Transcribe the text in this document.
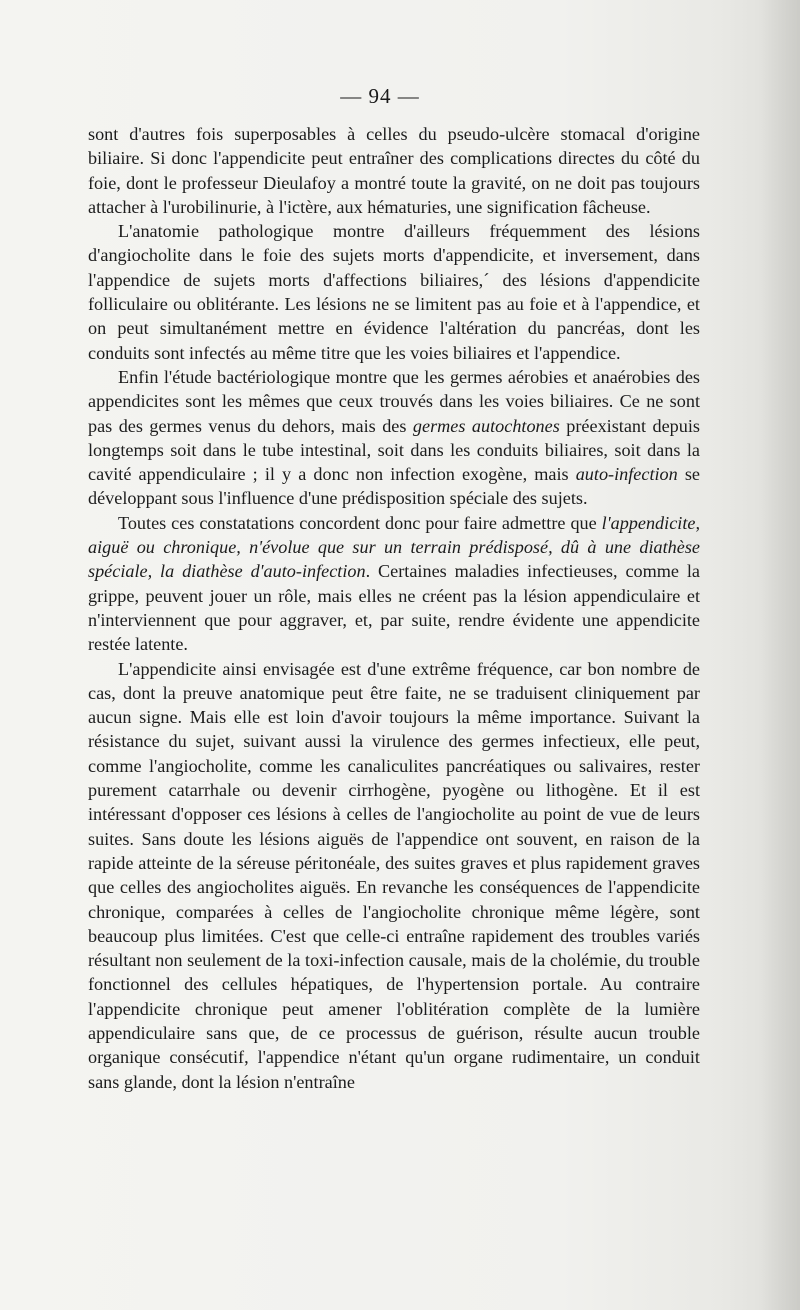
— 94 —

sont d'autres fois superposables à celles du pseudo-ulcère stomacal d'origine biliaire. Si donc l'appendicite peut entraîner des complications directes du côté du foie, dont le professeur Dieulafoy a montré toute la gravité, on ne doit pas toujours attacher à l'urobilinurie, à l'ictère, aux hématuries, une signification fâcheuse.

L'anatomie pathologique montre d'ailleurs fréquemment des lésions d'angiocholite dans le foie des sujets morts d'appendicite, et inversement, dans l'appendice de sujets morts d'affections biliaires,´ des lésions d'appendicite folliculaire ou oblitérante. Les lésions ne se limitent pas au foie et à l'appendice, et on peut simultanément mettre en évidence l'altération du pancréas, dont les conduits sont infectés au même titre que les voies biliaires et l'appendice.

Enfin l'étude bactériologique montre que les germes aérobies et anaérobies des appendicites sont les mêmes que ceux trouvés dans les voies biliaires. Ce ne sont pas des germes venus du dehors, mais des germes autochtones préexistant depuis longtemps soit dans le tube intestinal, soit dans les conduits biliaires, soit dans la cavité appendiculaire ; il y a donc non infection exogène, mais auto-infection se développant sous l'influence d'une prédisposition spéciale des sujets.

Toutes ces constatations concordent donc pour faire admettre que l'appendicite, aiguë ou chronique, n'évolue que sur un terrain prédisposé, dû à une diathèse spéciale, la diathèse d'auto-infection. Certaines maladies infectieuses, comme la grippe, peuvent jouer un rôle, mais elles ne créent pas la lésion appendiculaire et n'interviennent que pour aggraver, et, par suite, rendre évidente une appendicite restée latente.

L'appendicite ainsi envisagée est d'une extrême fréquence, car bon nombre de cas, dont la preuve anatomique peut être faite, ne se traduisent cliniquement par aucun signe. Mais elle est loin d'avoir toujours la même importance. Suivant la résistance du sujet, suivant aussi la virulence des germes infectieux, elle peut, comme l'angiocholite, comme les canaliculites pancréatiques ou salivaires, rester purement catarrhale ou devenir cirrhogène, pyogène ou lithogène. Et il est intéressant d'opposer ces lésions à celles de l'angiocholite au point de vue de leurs suites. Sans doute les lésions aiguës de l'appendice ont souvent, en raison de la rapide atteinte de la séreuse péritonéale, des suites graves et plus rapidement graves que celles des angiocholites aiguës. En revanche les conséquences de l'appendicite chronique, comparées à celles de l'angiocholite chronique même légère, sont beaucoup plus limitées. C'est que celle-ci entraîne rapidement des troubles variés résultant non seulement de la toxi-infection causale, mais de la cholémie, du trouble fonctionnel des cellules hépatiques, de l'hypertension portale. Au contraire l'appendicite chronique peut amener l'oblitération complète de la lumière appendiculaire sans que, de ce processus de guérison, résulte aucun trouble organique consécutif, l'appendice n'étant qu'un organe rudimentaire, un conduit sans glande, dont la lésion n'entraîne
